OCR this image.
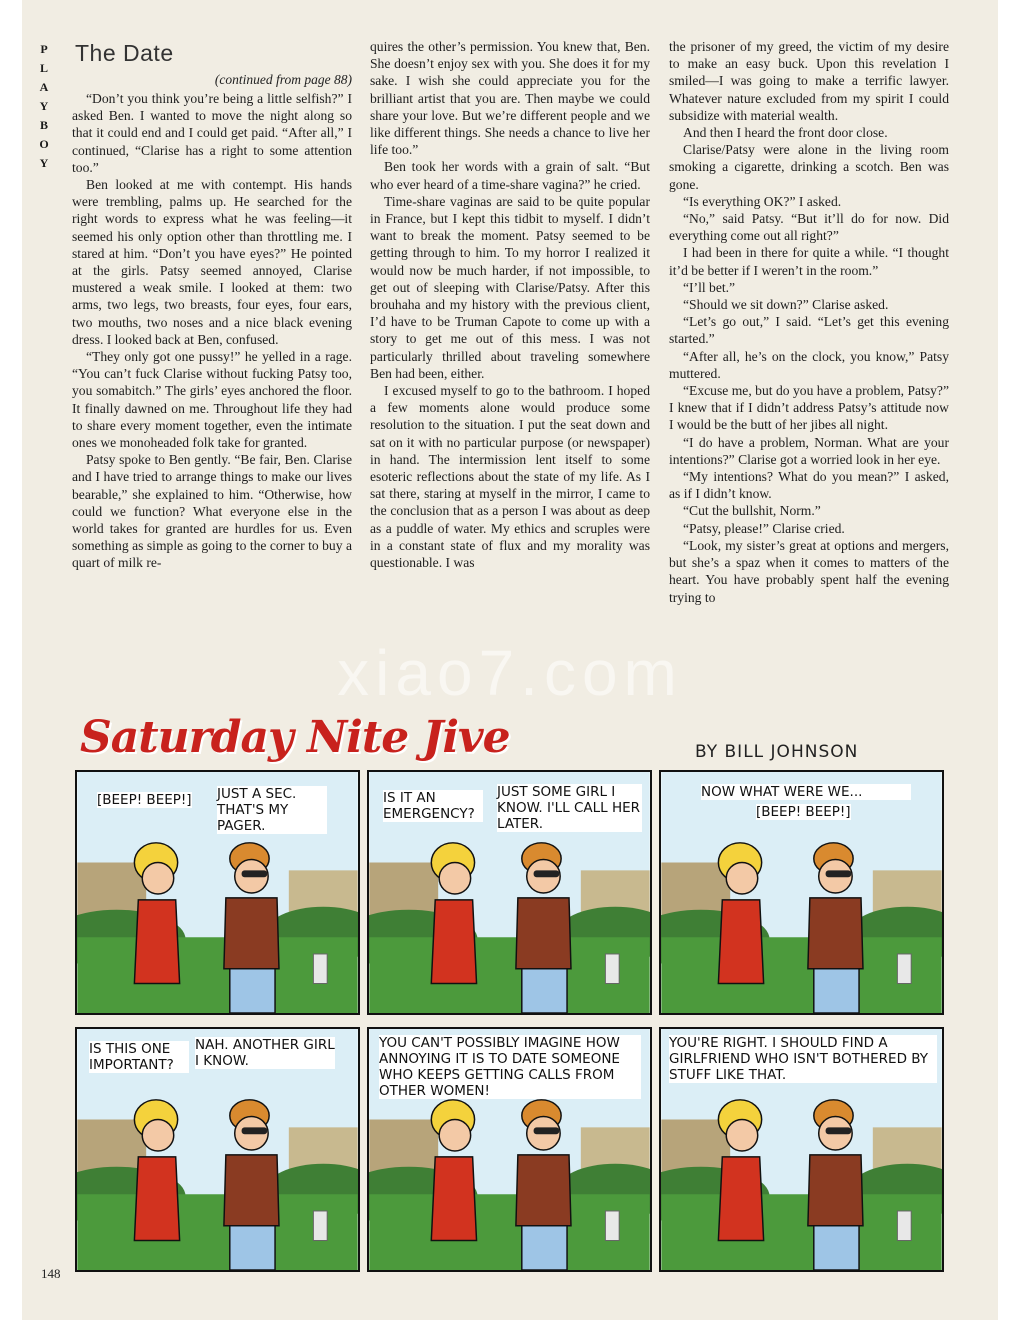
P
L
A
Y
B
O
Y
The Date
(continued from page 88)

“Don’t you think you’re being a little selfish?” I asked Ben. I wanted to move the night along so that it could end and I could get paid. “After all,” I continued, “Clarise has a right to some attention too.”

Ben looked at me with contempt. His hands were trembling, palms up. He searched for the right words to express what he was feeling—it seemed his only option other than throttling me. I stared at him. “Don’t you have eyes?” He pointed at the girls. Patsy seemed annoyed, Clarise mustered a weak smile. I looked at them: two arms, two legs, two breasts, four eyes, four ears, two mouths, two noses and a nice black evening dress. I looked back at Ben, confused.

“They only got one pussy!” he yelled in a rage. “You can’t fuck Clarise without fucking Patsy too, you somabitch.” The girls’ eyes anchored the floor. It finally dawned on me. Throughout life they had to share every moment together, even the intimate ones we monoheaded folk take for granted.

Patsy spoke to Ben gently. “Be fair, Ben. Clarise and I have tried to arrange things to make our lives bearable,” she explained to him. “Otherwise, how could we function? What everyone else in the world takes for granted are hurdles for us. Even something as simple as going to the corner to buy a quart of milk re-

quires the other’s permission. You knew that, Ben. She doesn’t enjoy sex with you. She does it for my sake. I wish she could appreciate you for the brilliant artist that you are. Then maybe we could share your love. But we’re different people and we like different things. She needs a chance to live her life too.”

Ben took her words with a grain of salt. “But who ever heard of a time-share vagina?” he cried.

Time-share vaginas are said to be quite popular in France, but I kept this tidbit to myself. I didn’t want to break the moment. Patsy seemed to be getting through to him. To my horror I realized it would now be much harder, if not impossible, to get out of sleeping with Clarise/Patsy. After this brouhaha and my history with the previous client, I’d have to be Truman Capote to come up with a story to get me out of this mess. I was not particularly thrilled about traveling somewhere Ben had been, either.

I excused myself to go to the bathroom. I hoped a few moments alone would produce some resolution to the situation. I put the seat down and sat on it with no particular purpose (or newspaper) in hand. The intermission lent itself to some esoteric reflections about the state of my life. As I sat there, staring at myself in the mirror, I came to the conclusion that as a person I was about as deep as a puddle of water. My ethics and scruples were in a constant state of flux and my morality was questionable. I was

the prisoner of my greed, the victim of my desire to make an easy buck. Upon this revelation I smiled—I was going to make a terrific lawyer. Whatever nature excluded from my spirit I could subsidize with material wealth.

And then I heard the front door close.

Clarise/Patsy were alone in the living room smoking a cigarette, drinking a scotch. Ben was gone.

“Is everything OK?” I asked.

“No,” said Patsy. “But it’ll do for now. Did everything come out all right?”

I had been in there for quite a while. “I thought it’d be better if I weren’t in the room.”

“I’ll bet.”

“Should we sit down?” Clarise asked.

“Let’s go out,” I said. “Let’s get this evening started.”

“After all, he’s on the clock, you know,” Patsy muttered.

“Excuse me, but do you have a problem, Patsy?” I knew that if I didn’t address Patsy’s attitude now I would be the butt of her jibes all night.

“I do have a problem, Norman. What are your intentions?” Clarise got a worried look in her eye.

“My intentions? What do you mean?” I asked, as if I didn’t know.

“Cut the bullshit, Norm.”

“Patsy, please!” Clarise cried.

“Look, my sister’s great at options and mergers, but she’s a spaz when it comes to matters of the heart. You have probably spent half the evening trying to

xiao7.com
Saturday Nite Jive	BY BILL JOHNSON
[BEEP! BEEP!] JUST A SEC. THAT'S MY PAGER.
IS IT AN EMERGENCY?
JUST SOME GIRL I KNOW. I'LL CALL HER LATER.
NOW WHAT WERE WE...
[BEEP! BEEP!]
IS THIS ONE IMPORTANT?
NAH. ANOTHER GIRL I KNOW.
YOU CAN'T POSSIBLY IMAGINE HOW ANNOYING IT IS TO DATE SOMEONE WHO KEEPS GETTING CALLS FROM OTHER WOMEN!
YOU'RE RIGHT. I SHOULD FIND A GIRLFRIEND WHO ISN'T BOTHERED BY STUFF LIKE THAT.
148
